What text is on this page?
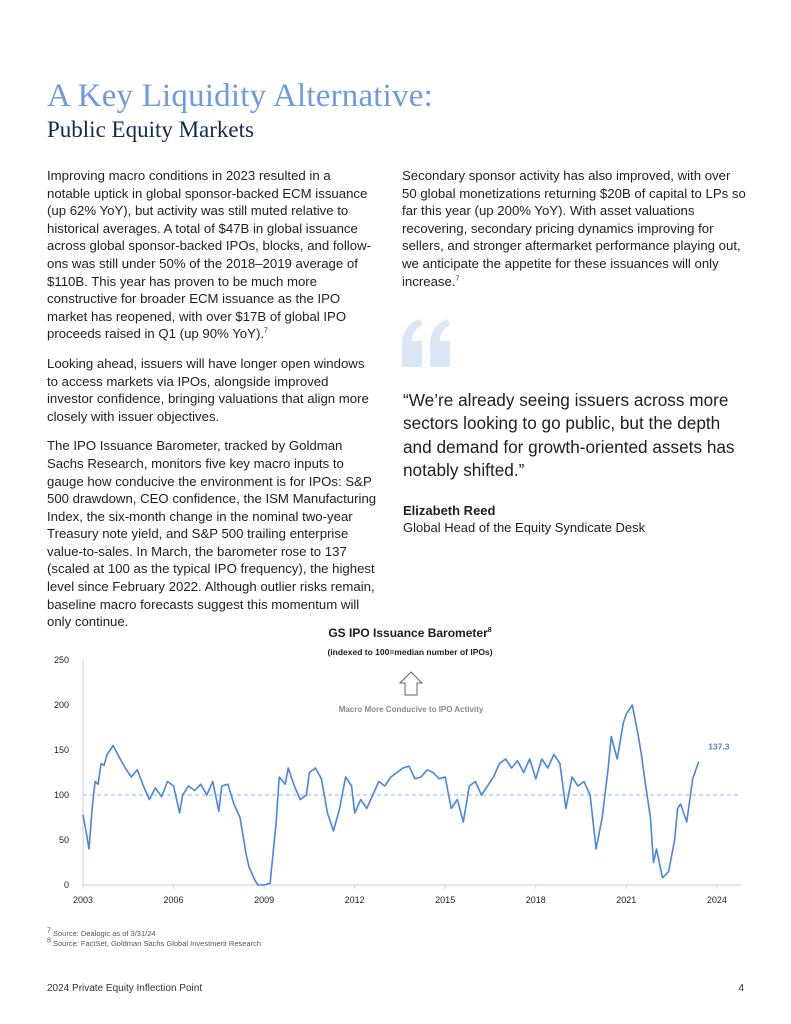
A Key Liquidity Alternative:
Public Equity Markets

Improving macro conditions in 2023 resulted in a notable uptick in global sponsor-backed ECM issuance (up 62% YoY), but activity was still muted relative to historical averages. A total of $47B in global issuance across global sponsor-backed IPOs, blocks, and follow-ons was still under 50% of the 2018–2019 average of $110B. This year has proven to be much more constructive for broader ECM issuance as the IPO market has reopened, with over $17B of global IPO proceeds raised in Q1 (up 90% YoY).$^7$

Looking ahead, issuers will have longer open windows to access markets via IPOs, alongside improved investor confidence, bringing valuations that align more closely with issuer objectives.

The IPO Issuance Barometer, tracked by Goldman Sachs Research, monitors five key macro inputs to gauge how conducive the environment is for IPOs: S&P 500 drawdown, CEO confidence, the ISM Manufacturing Index, the six-month change in the nominal two-year Treasury note yield, and S&P 500 trailing enterprise value-to-sales. In March, the barometer rose to 137 (scaled at 100 as the typical IPO frequency), the highest level since February 2022. Although outlier risks remain, baseline macro forecasts suggest this momentum will only continue.

Secondary sponsor activity has also improved, with over 50 global monetizations returning $20B of capital to LPs so far this year (up 200% YoY). With asset valuations recovering, secondary pricing dynamics improving for sellers, and stronger aftermarket performance playing out, we anticipate the appetite for these issuances will only increase.$^7$

“We’re already seeing issuers across more sectors looking to go public, but the depth and demand for growth-oriented assets has notably shifted.”
Elizabeth Reed
Global Head of the Equity Syndicate Desk
GS IPO Issuance Barometer$^8$
(indexed to 100=median number of IPOs)
Macro More Conducive to IPO Activity
0
50
100
150
200
250
2003	2006	2009	2012	2015	2018	2021	2024
137.3
$^7$ Source: Dealogic as of 3/31/24
$^8$ Source: FactSet, Goldman Sachs Global Investment Research
2024 Private Equity Inflection Point	4
